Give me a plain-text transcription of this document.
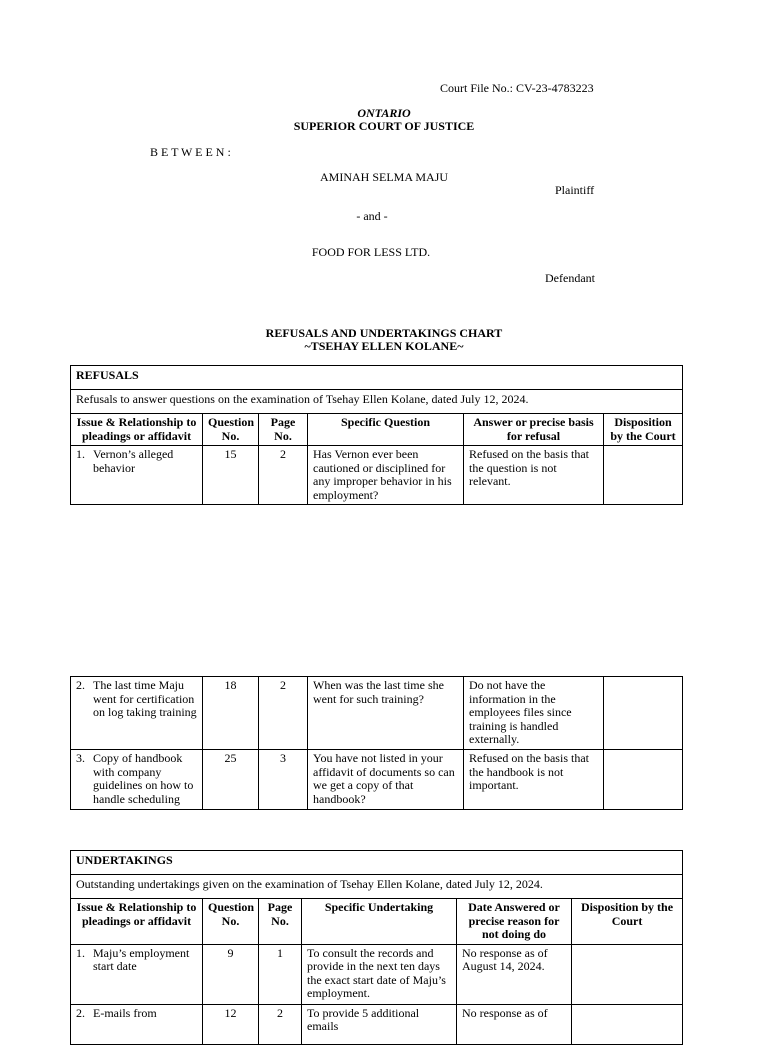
Court File No.: CV-23-4783223
ONTARIO
SUPERIOR COURT OF JUSTICE
B E T W E E N :
AMINAH SELMA MAJU
Plaintiff
- and -
FOOD FOR LESS LTD.
Defendant
REFUSALS AND UNDERTAKINGS CHART
~TSEHAY ELLEN KOLANE~
REFUSALS					
Refusals to answer questions on the examination of Tsehay Ellen Kolane, dated July 12, 2024.					
Issue & Relationship to pleadings or affidavit	Question No.	Page No.	Specific Question	Answer or precise basis for refusal	Disposition by the Court

1. Vernon’s alleged behavior	15	2	Has Vernon ever been cautioned or disciplined for any improper behavior in his employment?	Refused on the basis that the question is not relevant.	
2. The last time Maju went for certification on log taking training	18	2	When was the last time she went for such training?	Do not have the information in the employees files since training is handled externally.	

3. Copy of handbook with company guidelines on how to handle scheduling	25	3	You have not listed in your affidavit of documents so can we get a copy of that handbook?	Refused on the basis that the handbook is not important.	
UNDERTAKINGS					
Outstanding undertakings given on the examination of Tsehay Ellen Kolane, dated July 12, 2024.					
Issue & Relationship to pleadings or affidavit	Question No.	Page No.	Specific Undertaking	Date Answered or precise reason for not doing do	Disposition by the Court

1. Maju’s employment start date	9	1	To consult the records and provide in the next ten days the exact start date of Maju’s employment.	No response as of August 14, 2024.	

2. E-mails from	12	2	To provide 5 additional emails	No response as of	
